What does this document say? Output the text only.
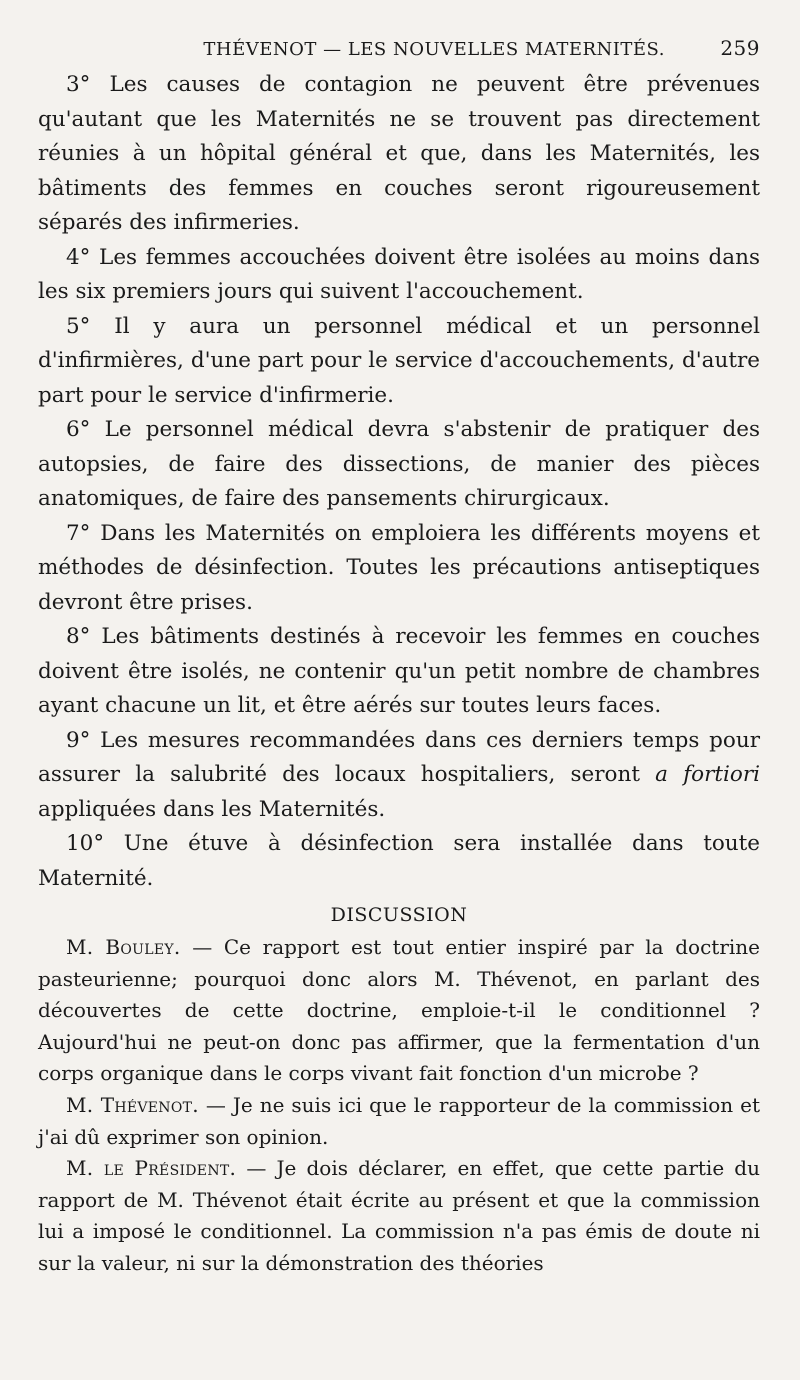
THÉVENOT — LES NOUVELLES MATERNITÉS.	259

3° Les causes de contagion ne peuvent être prévenues qu'autant que les Maternités ne se trouvent pas directement réunies à un hôpital général et que, dans les Maternités, les bâtiments des femmes en couches seront rigoureusement séparés des infirmeries.

4° Les femmes accouchées doivent être isolées au moins dans les six premiers jours qui suivent l'accouchement.

5° Il y aura un personnel médical et un personnel d'infirmières, d'une part pour le service d'accouchements, d'autre part pour le service d'infirmerie.

6° Le personnel médical devra s'abstenir de pratiquer des autopsies, de faire des dissections, de manier des pièces anatomiques, de faire des pansements chirurgicaux.

7° Dans les Maternités on emploiera les différents moyens et méthodes de désinfection. Toutes les précautions antiseptiques devront être prises.

8° Les bâtiments destinés à recevoir les femmes en couches doivent être isolés, ne contenir qu'un petit nombre de chambres ayant chacune un lit, et être aérés sur toutes leurs faces.

9° Les mesures recommandées dans ces derniers temps pour assurer la salubrité des locaux hospitaliers, seront a fortiori appliquées dans les Maternités.

10° Une étuve à désinfection sera installée dans toute Maternité.

DISCUSSION

M. Bouley. — Ce rapport est tout entier inspiré par la doctrine pasteurienne; pourquoi donc alors M. Thévenot, en parlant des découvertes de cette doctrine, emploie-t-il le conditionnel ? Aujourd'hui ne peut-on donc pas affirmer, que la fermentation d'un corps organique dans le corps vivant fait fonction d'un microbe ?

M. Thévenot. — Je ne suis ici que le rapporteur de la commission et j'ai dû exprimer son opinion.

M. le Président. — Je dois déclarer, en effet, que cette partie du rapport de M. Thévenot était écrite au présent et que la commission lui a imposé le conditionnel. La commission n'a pas émis de doute ni sur la valeur, ni sur la démonstration des théories
